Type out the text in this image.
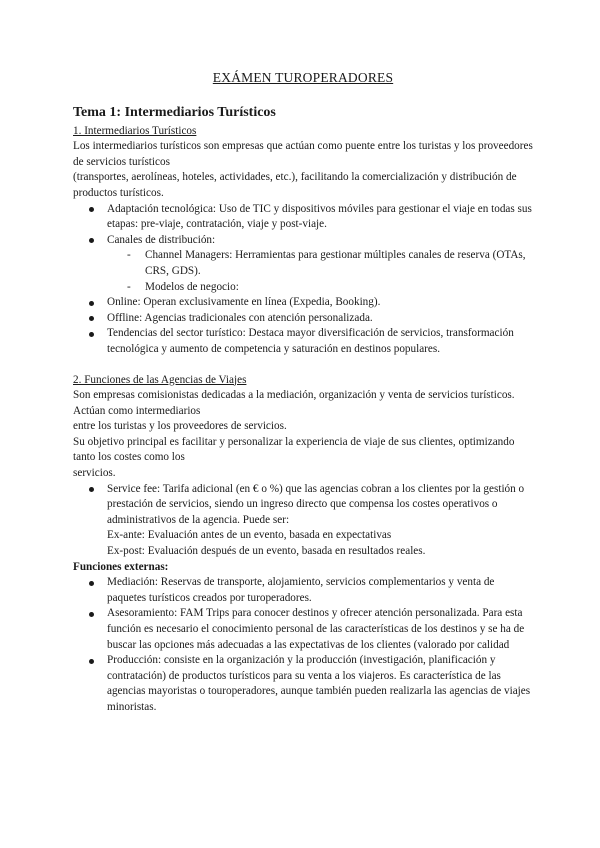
EXÁMEN TUROPERADORES
Tema 1: Intermediarios Turísticos

1. Intermediarios Turísticos

Los intermediarios turísticos son empresas que actúan como puente entre los turistas y los proveedores de servicios turísticos

(transportes, aerolíneas, hoteles, actividades, etc.), facilitando la comercialización y distribución de productos turísticos.

Adaptación tecnológica: Uso de TIC y dispositivos móviles para gestionar el viaje en todas sus etapas: pre-viaje, contratación, viaje y post-viaje.
Canales de distribución:
- Channel Managers: Herramientas para gestionar múltiples canales de reserva (OTAs, CRS, GDS).
- Modelos de negocio:
Online: Operan exclusivamente en línea (Expedia, Booking).
Offline: Agencias tradicionales con atención personalizada.
Tendencias del sector turístico: Destaca mayor diversificación de servicios, transformación tecnológica y aumento de competencia y saturación en destinos populares.

2. Funciones de las Agencias de Viajes

Son empresas comisionistas dedicadas a la mediación, organización y venta de servicios turísticos. Actúan como intermediarios

entre los turistas y los proveedores de servicios.

Su objetivo principal es facilitar y personalizar la experiencia de viaje de sus clientes, optimizando tanto los costes como los

servicios.

Service fee: Tarifa adicional (en € o %) que las agencias cobran a los clientes por la gestión o prestación de servicios, siendo un ingreso directo que compensa los costes operativos o administrativos de la agencia. Puede ser:

Ex-ante: Evaluación antes de un evento, basada en expectativas

Ex-post: Evaluación después de un evento, basada en resultados reales.

Funciones externas:

Mediación: Reservas de transporte, alojamiento, servicios complementarios y venta de paquetes turísticos creados por turoperadores.
Asesoramiento: FAM Trips para conocer destinos y ofrecer atención personalizada. Para esta función es necesario el conocimiento personal de las características de los destinos y se ha de buscar las opciones más adecuadas a las expectativas de los clientes (valorado por calidad
Producción: consiste en la organización y la producción (investigación, planificación y contratación) de productos turísticos para su venta a los viajeros. Es característica de las agencias mayoristas o touroperadores, aunque también pueden realizarla las agencias de viajes minoristas.
